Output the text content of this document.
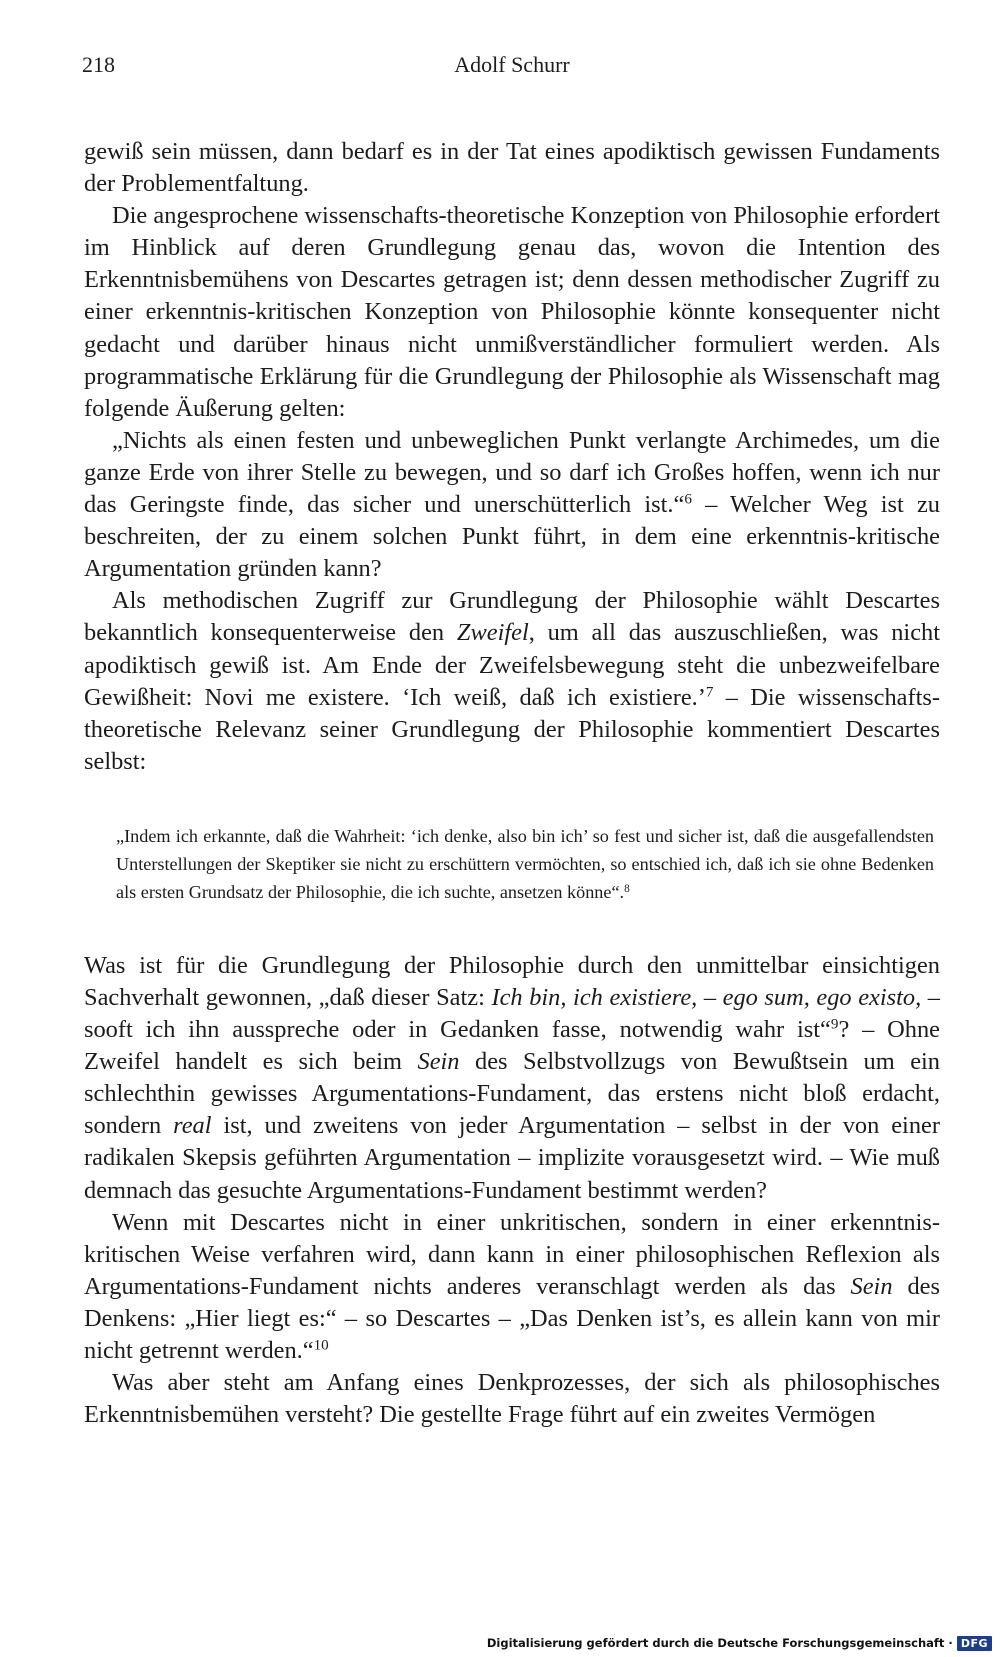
218	Adolf Schurr

gewiß sein müssen, dann bedarf es in der Tat eines apodiktisch gewissen Fundaments der Problementfaltung.

Die angesprochene wissenschafts-theoretische Konzeption von Philosophie erfordert im Hinblick auf deren Grundlegung genau das, wovon die Intention des Erkenntnisbemühens von Descartes getragen ist; denn dessen methodischer Zugriff zu einer erkenntnis-kritischen Konzeption von Philosophie könnte konsequenter nicht gedacht und darüber hinaus nicht unmißverständlicher formuliert werden. Als programmatische Erklärung für die Grundlegung der Philosophie als Wissenschaft mag folgende Äußerung gelten:

„Nichts als einen festen und unbeweglichen Punkt verlangte Archimedes, um die ganze Erde von ihrer Stelle zu bewegen, und so darf ich Großes hoffen, wenn ich nur das Geringste finde, das sicher und unerschütterlich ist.“$^6$ – Welcher Weg ist zu beschreiten, der zu einem solchen Punkt führt, in dem eine erkenntnis-kritische Argumentation gründen kann?

Als methodischen Zugriff zur Grundlegung der Philosophie wählt Descartes bekanntlich konsequenterweise den Zweifel, um all das auszuschließen, was nicht apodiktisch gewiß ist. Am Ende der Zweifelsbewegung steht die unbezweifelbare Gewißheit: Novi me existere. ‘Ich weiß, daß ich existiere.’$^7$ – Die wissenschafts-theoretische Relevanz seiner Grundlegung der Philosophie kommentiert Descartes selbst:

„Indem ich erkannte, daß die Wahrheit: ‘ich denke, also bin ich’ so fest und sicher ist, daß die ausgefallendsten Unterstellungen der Skeptiker sie nicht zu erschüttern vermöchten, so entschied ich, daß ich sie ohne Bedenken als ersten Grundsatz der Philosophie, die ich suchte, ansetzen könne“.$^8$

Was ist für die Grundlegung der Philosophie durch den unmittelbar einsichtigen Sachverhalt gewonnen, „daß dieser Satz: Ich bin, ich existiere, – ego sum, ego existo, – sooft ich ihn ausspreche oder in Gedanken fasse, notwendig wahr ist“$^9$? – Ohne Zweifel handelt es sich beim Sein des Selbstvollzugs von Bewußtsein um ein schlechthin gewisses Argumentations-Fundament, das erstens nicht bloß erdacht, sondern real ist, und zweitens von jeder Argumentation – selbst in der von einer radikalen Skepsis geführten Argumentation – implizite vorausgesetzt wird. – Wie muß demnach das gesuchte Argumentations-Fundament bestimmt werden?

Wenn mit Descartes nicht in einer unkritischen, sondern in einer erkenntnis-kritischen Weise verfahren wird, dann kann in einer philosophischen Reflexion als Argumentations-Fundament nichts anderes veranschlagt werden als das Sein des Denkens: „Hier liegt es:“ – so Descartes – „Das Denken ist’s, es allein kann von mir nicht getrennt werden.“$^{10}$

Was aber steht am Anfang eines Denkprozesses, der sich als philosophisches Erkenntnisbemühen versteht? Die gestellte Frage führt auf ein zweites Vermögen

Digitalisierung gefördert durch die Deutsche Forschungsgemeinschaft · DFG
